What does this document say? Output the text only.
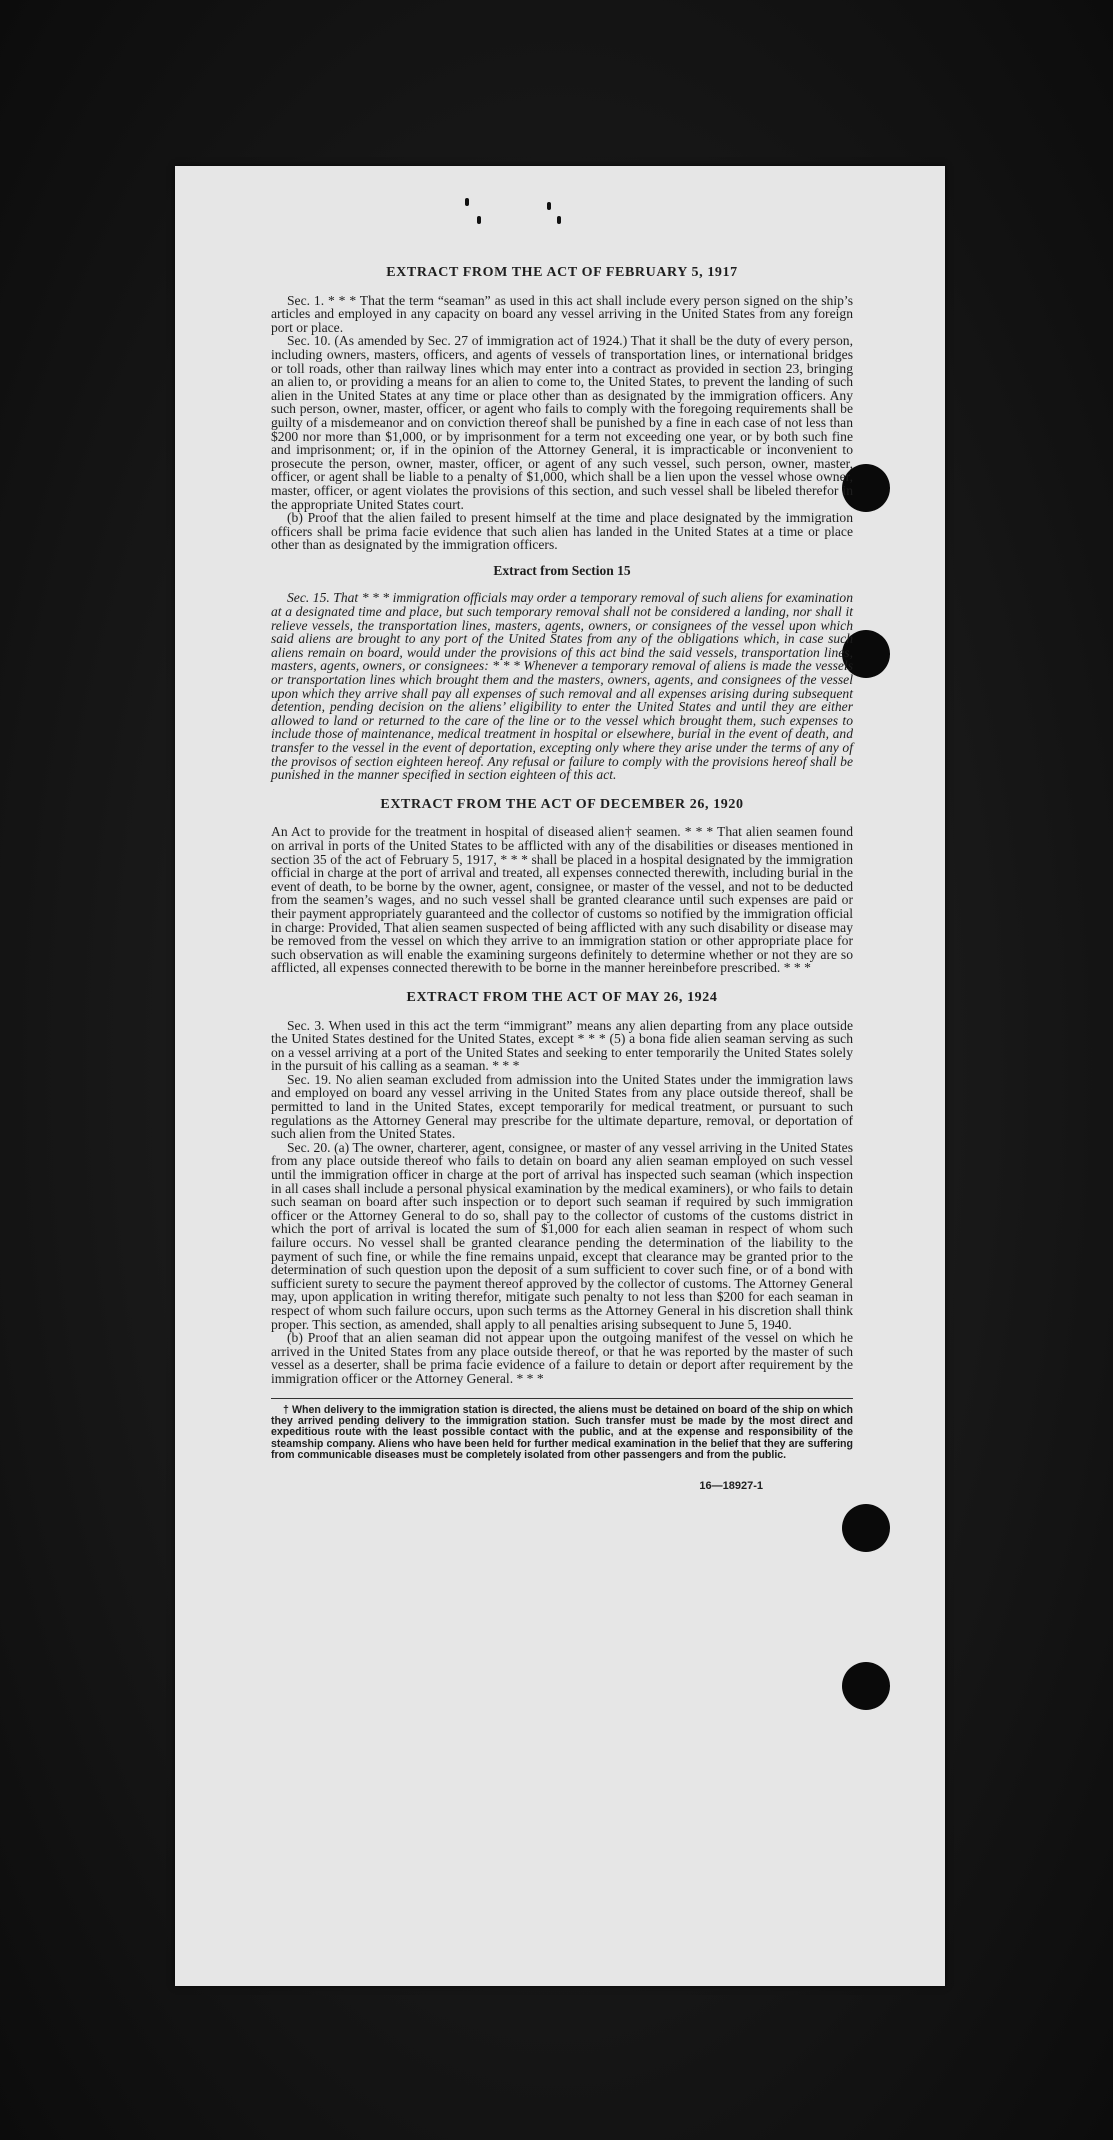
EXTRACT FROM THE ACT OF FEBRUARY 5, 1917

Sec. 1. * * * That the term “seaman” as used in this act shall include every person signed on the ship’s articles and employed in any capacity on board any vessel arriving in the United States from any foreign port or place.

Sec. 10. (As amended by Sec. 27 of immigration act of 1924.) That it shall be the duty of every person, including owners, masters, officers, and agents of vessels of transportation lines, or international bridges or toll roads, other than railway lines which may enter into a contract as provided in section 23, bringing an alien to, or providing a means for an alien to come to, the United States, to prevent the landing of such alien in the United States at any time or place other than as designated by the immigration officers. Any such person, owner, master, officer, or agent who fails to comply with the foregoing requirements shall be guilty of a misdemeanor and on conviction thereof shall be punished by a fine in each case of not less than $200 nor more than $1,000, or by imprisonment for a term not exceeding one year, or by both such fine and imprisonment; or, if in the opinion of the Attorney General, it is impracticable or inconvenient to prosecute the person, owner, master, officer, or agent of any such vessel, such person, owner, master, officer, or agent shall be liable to a penalty of $1,000, which shall be a lien upon the vessel whose owner, master, officer, or agent violates the provisions of this section, and such vessel shall be libeled therefor in the appropriate United States court.

(b) Proof that the alien failed to present himself at the time and place designated by the immigration officers shall be prima facie evidence that such alien has landed in the United States at a time or place other than as designated by the immigration officers.

Extract from Section 15

Sec. 15. That * * * immigration officials may order a temporary removal of such aliens for examination at a designated time and place, but such temporary removal shall not be considered a landing, nor shall it relieve vessels, the transportation lines, masters, agents, owners, or consignees of the vessel upon which said aliens are brought to any port of the United States from any of the obligations which, in case such aliens remain on board, would under the provisions of this act bind the said vessels, transportation lines, masters, agents, owners, or consignees: * * * Whenever a temporary removal of aliens is made the vessels or transportation lines which brought them and the masters, owners, agents, and consignees of the vessel upon which they arrive shall pay all expenses of such removal and all expenses arising during subsequent detention, pending decision on the aliens’ eligibility to enter the United States and until they are either allowed to land or returned to the care of the line or to the vessel which brought them, such expenses to include those of maintenance, medical treatment in hospital or elsewhere, burial in the event of death, and transfer to the vessel in the event of deportation, excepting only where they arise under the terms of any of the provisos of section eighteen hereof. Any refusal or failure to comply with the provisions hereof shall be punished in the manner specified in section eighteen of this act.

EXTRACT FROM THE ACT OF DECEMBER 26, 1920

An Act to provide for the treatment in hospital of diseased alien† seamen. * * * That alien seamen found on arrival in ports of the United States to be afflicted with any of the disabilities or diseases mentioned in section 35 of the act of February 5, 1917, * * * shall be placed in a hospital designated by the immigration official in charge at the port of arrival and treated, all expenses connected therewith, including burial in the event of death, to be borne by the owner, agent, consignee, or master of the vessel, and not to be deducted from the seamen’s wages, and no such vessel shall be granted clearance until such expenses are paid or their payment appropriately guaranteed and the collector of customs so notified by the immigration official in charge: Provided, That alien seamen suspected of being afflicted with any such disability or disease may be removed from the vessel on which they arrive to an immigration station or other appropriate place for such observation as will enable the examining surgeons definitely to determine whether or not they are so afflicted, all expenses connected therewith to be borne in the manner hereinbefore prescribed. * * *

EXTRACT FROM THE ACT OF MAY 26, 1924

Sec. 3. When used in this act the term “immigrant” means any alien departing from any place outside the United States destined for the United States, except * * * (5) a bona fide alien seaman serving as such on a vessel arriving at a port of the United States and seeking to enter temporarily the United States solely in the pursuit of his calling as a seaman. * * *

Sec. 19. No alien seaman excluded from admission into the United States under the immigration laws and employed on board any vessel arriving in the United States from any place outside thereof, shall be permitted to land in the United States, except temporarily for medical treatment, or pursuant to such regulations as the Attorney General may prescribe for the ultimate departure, removal, or deportation of such alien from the United States.

Sec. 20. (a) The owner, charterer, agent, consignee, or master of any vessel arriving in the United States from any place outside thereof who fails to detain on board any alien seaman employed on such vessel until the immigration officer in charge at the port of arrival has inspected such seaman (which inspection in all cases shall include a personal physical examination by the medical examiners), or who fails to detain such seaman on board after such inspection or to deport such seaman if required by such immigration officer or the Attorney General to do so, shall pay to the collector of customs of the customs district in which the port of arrival is located the sum of $1,000 for each alien seaman in respect of whom such failure occurs. No vessel shall be granted clearance pending the determination of the liability to the payment of such fine, or while the fine remains unpaid, except that clearance may be granted prior to the determination of such question upon the deposit of a sum sufficient to cover such fine, or of a bond with sufficient surety to secure the payment thereof approved by the collector of customs. The Attorney General may, upon application in writing therefor, mitigate such penalty to not less than $200 for each seaman in respect of whom such failure occurs, upon such terms as the Attorney General in his discretion shall think proper. This section, as amended, shall apply to all penalties arising subsequent to June 5, 1940.

(b) Proof that an alien seaman did not appear upon the outgoing manifest of the vessel on which he arrived in the United States from any place outside thereof, or that he was reported by the master of such vessel as a deserter, shall be prima facie evidence of a failure to detain or deport after requirement by the immigration officer or the Attorney General. * * *

† When delivery to the immigration station is directed, the aliens must be detained on board of the ship on which they arrived pending delivery to the immigration station. Such transfer must be made by the most direct and expeditious route with the least possible contact with the public, and at the expense and responsibility of the steamship company. Aliens who have been held for further medical examination in the belief that they are suffering from communicable diseases must be completely isolated from other passengers and from the public.

16—18927-1
